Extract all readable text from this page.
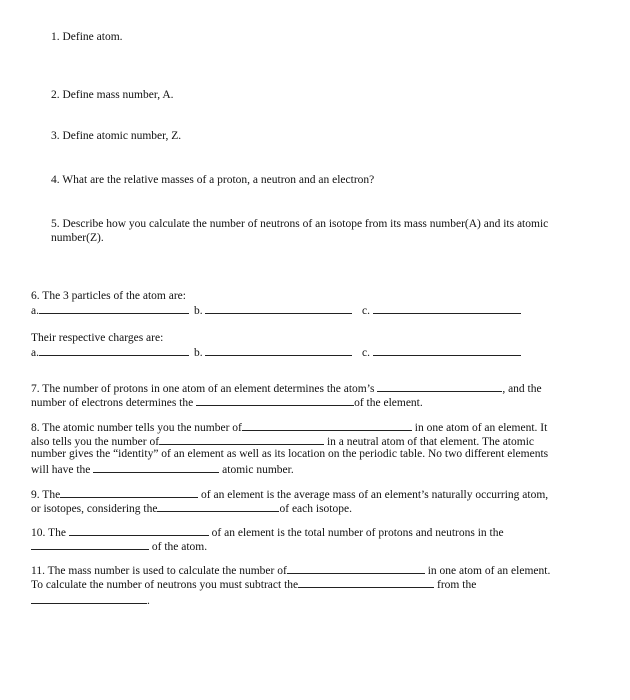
1. Define atom.
2. Define mass number, A.
3. Define atomic number, Z.
4. What are the relative masses of a proton, a neutron and an electron?
5. Describe how you calculate the number of neutrons of an isotope from its mass number(A) and its atomic
number(Z).
6. The 3 particles of the atom are:
a.	b.	c.
Their respective charges are:
a.	b.	c.
7. The number of protons in one atom of an element determines the atom’s	, and the
number of electrons determines the	of the element.
8. The atomic number tells you the number of	in one atom of an element. It
also tells you the number of	in a neutral atom of that element. The atomic
number gives the “identity” of an element as well as its location on the periodic table. No two different elements
will have the	atomic number.
9. The	of an element is the average mass of an element’s naturally occurring atom,
or isotopes, considering the	of each isotope.
10. The	of an element is the total number of protons and neutrons in the
of the atom.
11. The mass number is used to calculate the number of	in one atom of an element.
To calculate the number of neutrons you must subtract the	from the
.
